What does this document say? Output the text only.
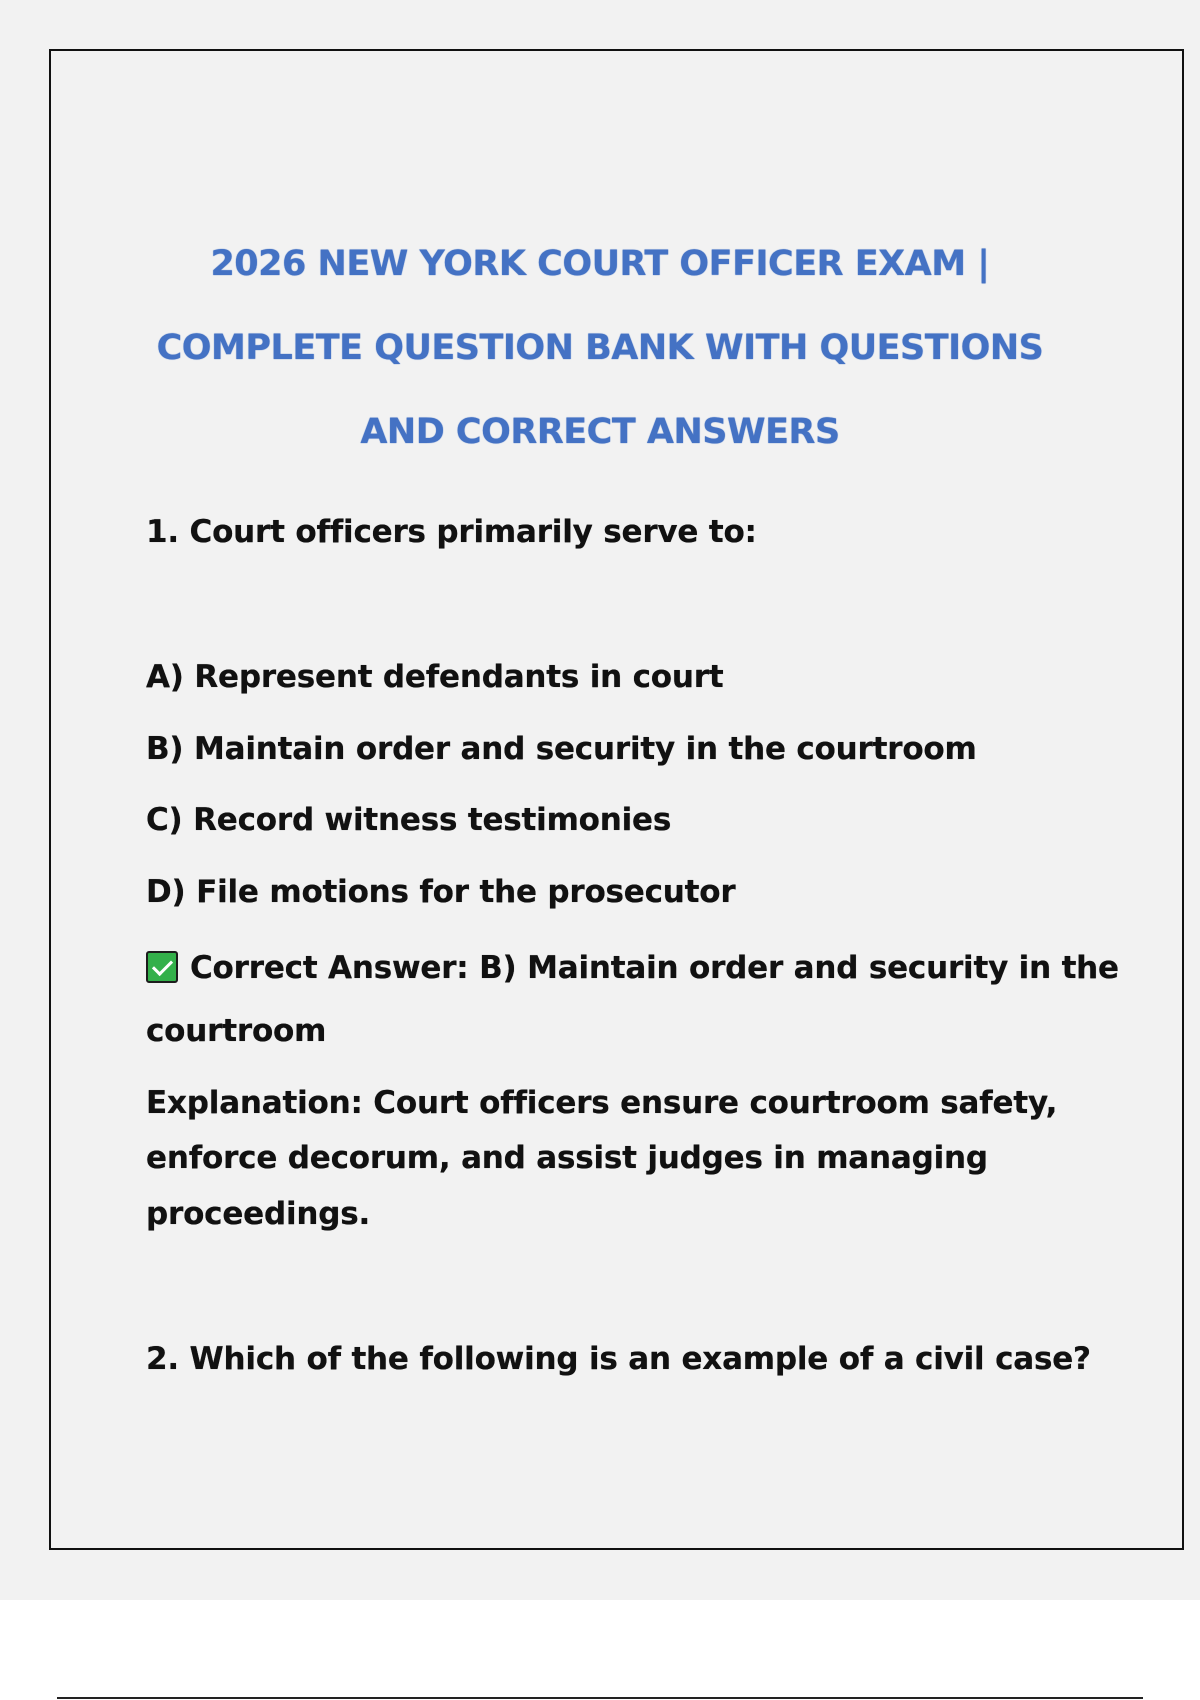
2026 NEW YORK COURT OFFICER EXAM |
COMPLETE QUESTION BANK WITH QUESTIONS
AND CORRECT ANSWERS
1. Court officers primarily serve to:
A) Represent defendants in court
B) Maintain order and security in the courtroom
C) Record witness testimonies
D) File motions for the prosecutor
Correct Answer: B) Maintain order and security in the
courtroom
Explanation: Court officers ensure courtroom safety,
enforce decorum, and assist judges in managing
proceedings.
2. Which of the following is an example of a civil case?
